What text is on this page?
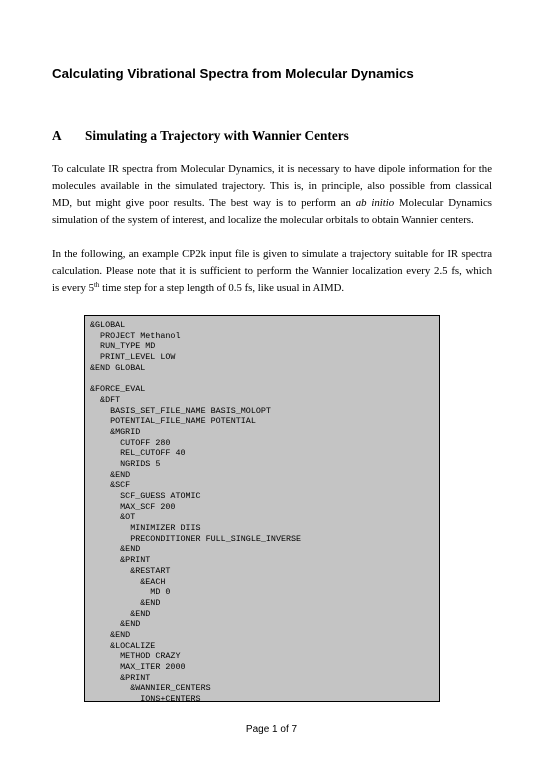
Calculating Vibrational Spectra from Molecular Dynamics
A Simulating a Trajectory with Wannier Centers
To calculate IR spectra from Molecular Dynamics, it is necessary to have dipole information for the
molecules available in the simulated trajectory. This is, in principle, also possible from classical
MD, but might give poor results. The best way is to perform an ab initio Molecular Dynamics
simulation of the system of interest, and localize the molecular orbitals to obtain Wannier centers.
In the following, an example CP2k input file is given to simulate a trajectory suitable for IR spectra
calculation. Please note that it is sufficient to perform the Wannier localization every 2.5 fs, which
is every 5th time step for a step length of 0.5 fs, like usual in AIMD.
&GLOBAL
PROJECT Methanol
RUN_TYPE MD
PRINT_LEVEL LOW
&END GLOBAL
&FORCE_EVAL
&DFT
BASIS_SET_FILE_NAME BASIS_MOLOPT
POTENTIAL_FILE_NAME POTENTIAL
&MGRID
CUTOFF 280
REL_CUTOFF 40
NGRIDS 5
&END
&SCF
SCF_GUESS ATOMIC
MAX_SCF 200
&OT
MINIMIZER DIIS
PRECONDITIONER FULL_SINGLE_INVERSE
&END
&PRINT
&RESTART
&EACH
MD 0
&END
&END
&END
&END
&LOCALIZE
METHOD CRAZY
MAX_ITER 2000
&PRINT
&WANNIER_CENTERS
IONS+CENTERS
Page 1 of 7
